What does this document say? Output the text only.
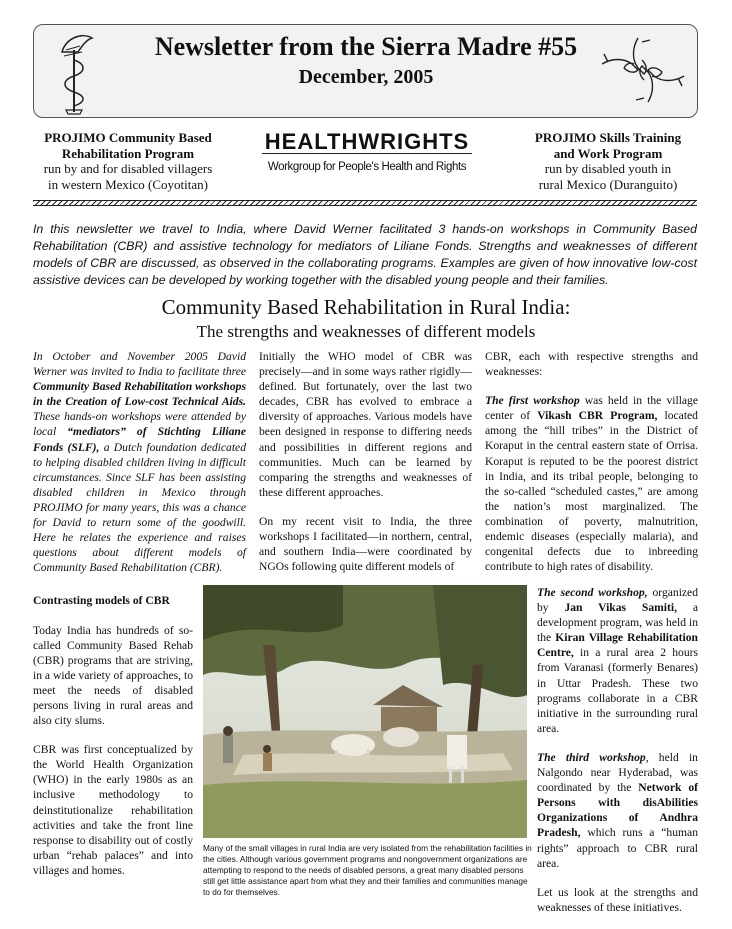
Newsletter from the Sierra Madre #55
December, 2005
PROJIMO Community Based
Rehabilitation Program
run by and for disabled villagers
in western Mexico (Coyotitan)
HEALTHWRIGHTS
Workgroup for People's Health and Rights
PROJIMO Skills Training
and Work Program
run by disabled youth in
rural Mexico (Duranguito)
In this newsletter we travel to India, where David Werner facilitated 3 hands-on workshops in Community Based Rehabilitation (CBR) and assistive technology for mediators of Liliane Fonds. Strengths and weaknesses of different models of CBR are discussed, as observed in the collaborating programs. Examples are given of how innovative low-cost assistive devices can be developed by working together with the disabled young people and their families.
Community Based Rehabilitation in Rural India:
The strengths and weaknesses of different models

In October and November 2005 David Werner was invited to India to facilitate three Community Based Rehabilitation workshops in the Creation of Low-cost Technical Aids. These hands-on workshops were attended by local “mediators” of Stichting Liliane Fonds (SLF), a Dutch foundation dedicated to helping disabled children living in difficult circumstances. Since SLF has been assisting disabled children in Mexico through PROJIMO for many years, this was a chance for David to return some of the goodwill. Here he relates the experience and raises questions about different models of Community Based Rehabilitation (CBR).

Contrasting models of CBR

Today India has hundreds of so-called Community Based Rehab (CBR) programs that are striving, in a wide variety of approaches, to meet the needs of disabled persons living in rural areas and also city slums.

CBR was first conceptualized by the World Health Organization (WHO) in the early 1980s as an inclusive methodology to deinstitutionalize rehabilitation activities and take the front line response to disability out of costly urban “rehab palaces” and into villages and homes.

Initially the WHO model of CBR was precisely—and in some ways rather rigidly—defined. But fortunately, over the last two decades, CBR has evolved to embrace a diversity of approaches. Various models have been designed in response to differing needs and possibilities in different regions and communities. Much can be learned by comparing the strengths and weaknesses of these different approaches.

On my recent visit to India, the three workshops I facilitated—in northern, central, and southern India—were coordinated by NGOs following quite different models of

CBR, each with respective strengths and weaknesses:

The first workshop was held in the village center of Vikash CBR Program, located among the “hill tribes” in the District of Koraput in the central eastern state of Orrisa. Koraput is reputed to be the poorest district in India, and its tribal people, belonging to the so-called “scheduled castes,” are among the nation’s most marginalized. The combination of poverty, malnutrition, endemic diseases (especially malaria), and congenital defects due to inbreeding contribute to high rates of disability.

The second workshop, organized by Jan Vikas Samiti, a development program, was held in the Kiran Village Rehabilitation Centre, in a rural area 2 hours from Varanasi (formerly Benares) in Uttar Pradesh. These two programs collaborate in a CBR initiative in the surrounding rural area.

The third workshop, held in Nalgondo near Hyderabad, was coordinated by the Network of Persons with disAbilities Organizations of Andhra Pradesh, which runs a “human rights” approach to CBR rural area.

Let us look at the strengths and weaknesses of these initiatives.

Many of the small villages in rural India are very isolated from the rehabilitation facilities in the cities. Although various government programs and nongovernment organizations are attempting to respond to the needs of disabled persons, a great many disabled persons still get little assistance apart from what they and their families and communities manage to do for themselves.
